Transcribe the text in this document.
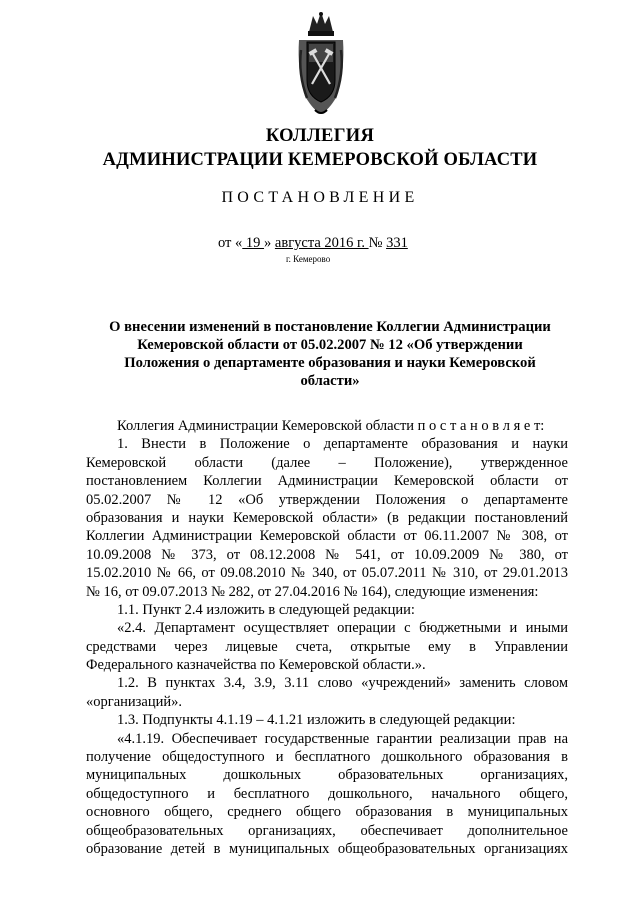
КОЛЛЕГИЯ
АДМИНИСТРАЦИИ КЕМЕРОВСКОЙ ОБЛАСТИ
ПОСТАНОВЛЕНИЕ
от « 19 » августа 2016 г. № 331
г. Кемерово
О внесении изменений в постановление Коллегии Администрации
Кемеровской области от 05.02.2007 № 12 «Об утверждении
Положения о департаменте образования и науки Кемеровской
области»
Коллегия Администрации Кемеровской области п о с т а н о в л я е т:
1. Внести в Положение о департаменте образования и науки
Кемеровской области (далее – Положение), утвержденное
постановлением Коллегии Администрации Кемеровской области от
05.02.2007 № 12 «Об утверждении Положения о департаменте
образования и науки Кемеровской области» (в редакции постановлений
Коллегии Администрации Кемеровской области от 06.11.2007 № 308, от
10.09.2008 № 373, от 08.12.2008 № 541, от 10.09.2009 № 380, от
15.02.2010 № 66, от 09.08.2010 № 340, от 05.07.2011 № 310, от 29.01.2013
№ 16, от 09.07.2013 № 282, от 27.04.2016 № 164), следующие изменения:
1.1. Пункт 2.4 изложить в следующей редакции:
«2.4. Департамент осуществляет операции с бюджетными и иными
средствами через лицевые счета, открытые ему в Управлении
Федерального казначейства по Кемеровской области.».
1.2. В пунктах 3.4, 3.9, 3.11 слово «учреждений» заменить словом
«организаций».
1.3. Подпункты 4.1.19 – 4.1.21 изложить в следующей редакции:
«4.1.19. Обеспечивает государственные гарантии реализации прав на
получение общедоступного и бесплатного дошкольного образования в
муниципальных дошкольных образовательных организациях,
общедоступного и бесплатного дошкольного, начального общего,
основного общего, среднего общего образования в муниципальных
общеобразовательных организациях, обеспечивает дополнительное
образование детей в муниципальных общеобразовательных организациях
